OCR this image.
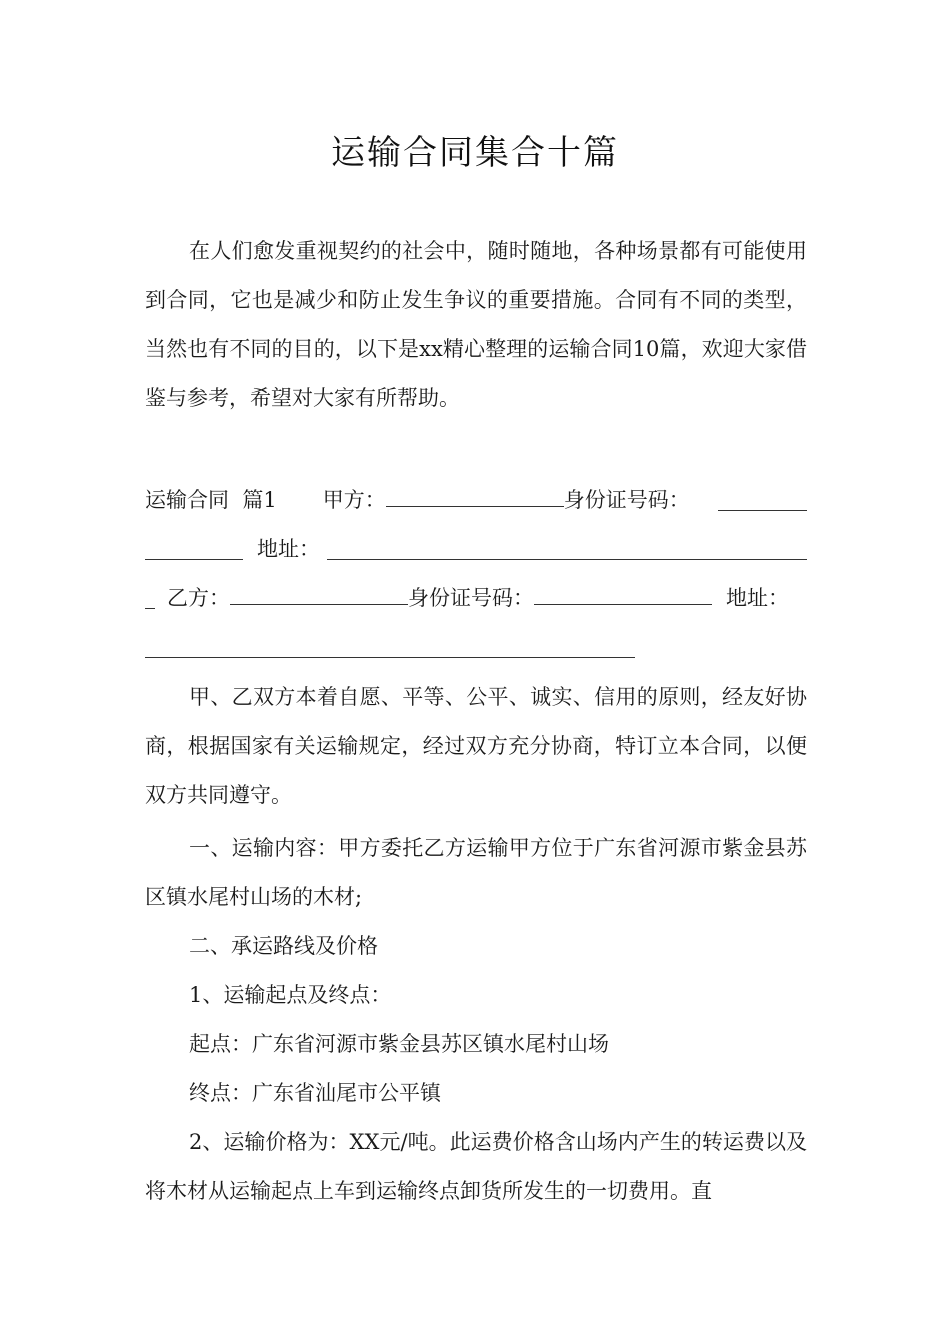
运输合同集合十篇
在人们愈发重视契约的社会中，随时随地，各种场景都有可能使用到合同，它也是减少和防止发生争议的重要措施。合同有不同的类型，当然也有不同的目的，以下是xx精心整理的运输合同10篇，欢迎大家借鉴与参考，希望对大家有所帮助。
运输合同  篇1 甲方：	身份证号码：
地址：
乙方：	身份证号码：	地址：
甲、乙双方本着自愿、平等、公平、诚实、信用的原则，经友好协商，根据国家有关运输规定，经过双方充分协商，特订立本合同，以便双方共同遵守。
一、运输内容：甲方委托乙方运输甲方位于广东省河源市紫金县苏区镇水尾村山场的木材;
二、承运路线及价格
1、运输起点及终点：
起点：广东省河源市紫金县苏区镇水尾村山场
终点：广东省汕尾市公平镇
2、运输价格为：XX元/吨。此运费价格含山场内产生的转运费以及将木材从运输起点上车到运输终点卸货所发生的一切费用。直
